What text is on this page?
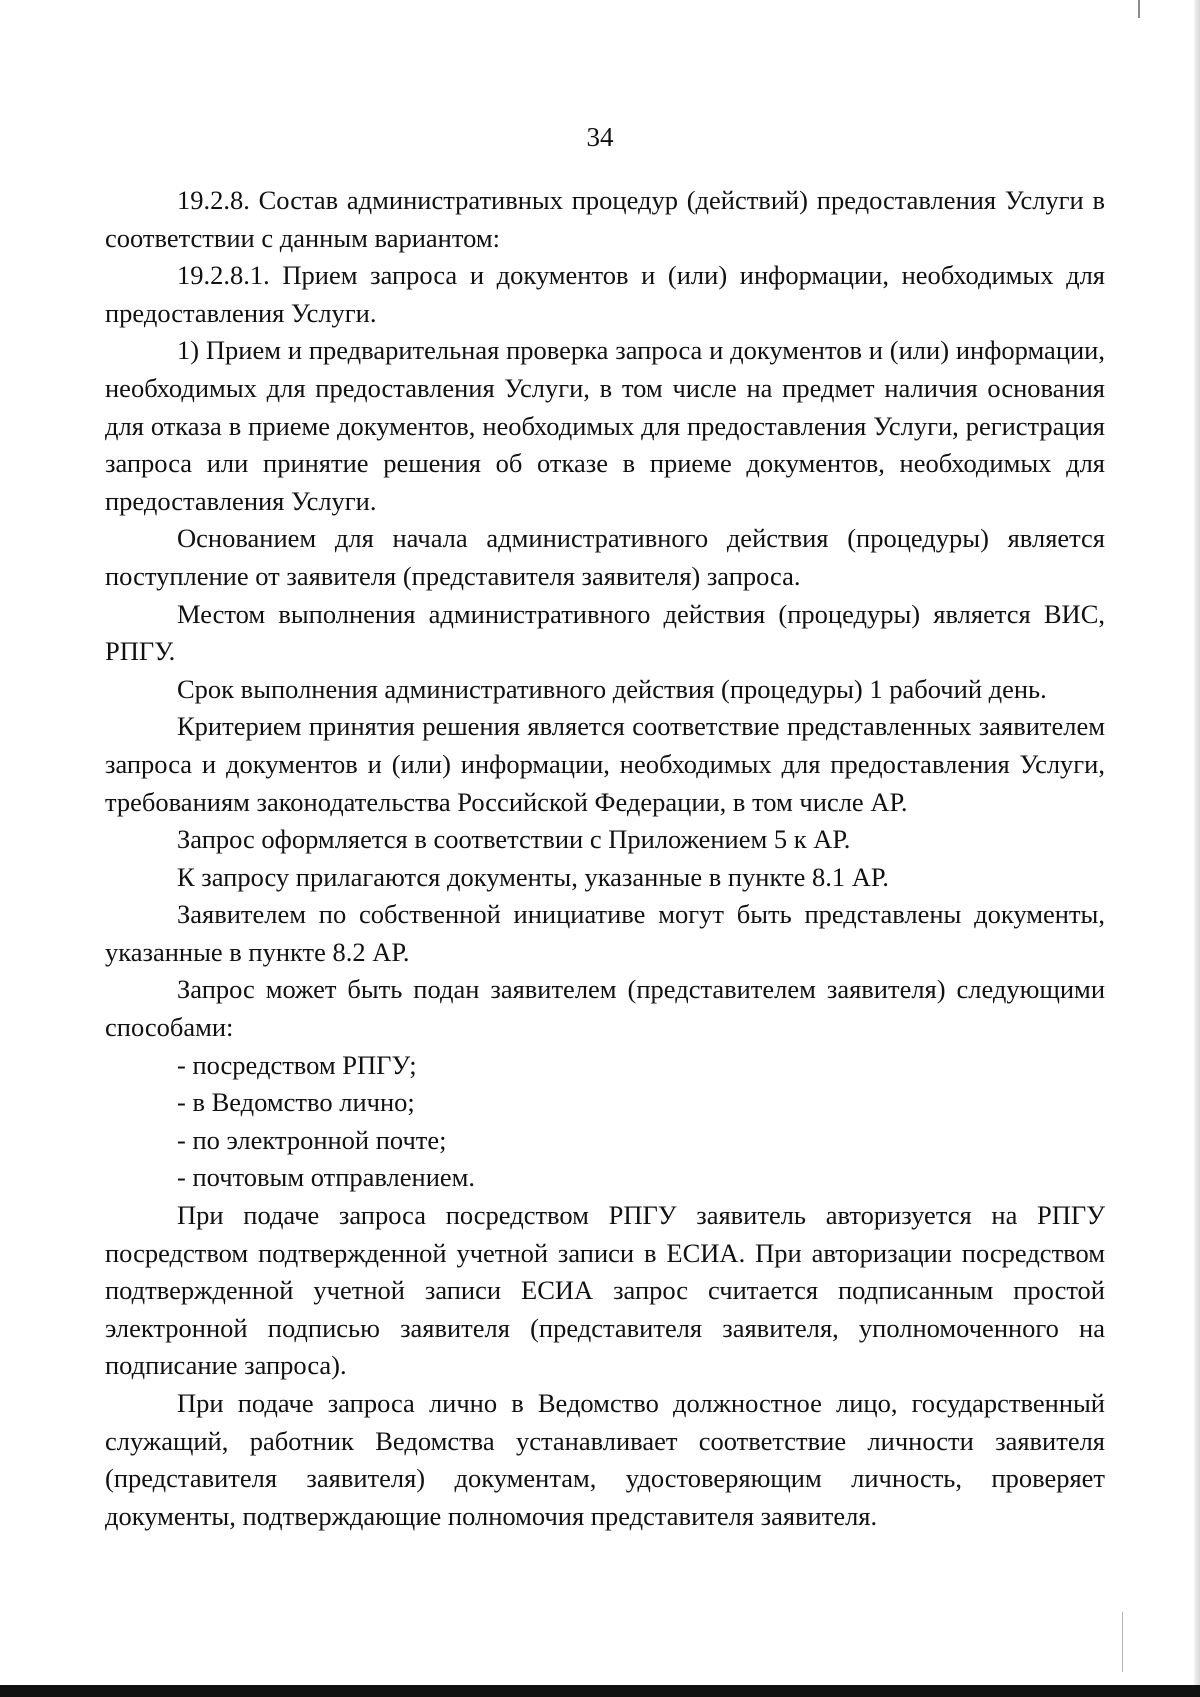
34

19.2.8. Состав административных процедур (действий) предоставления Услуги в соответствии с данным вариантом:

19.2.8.1. Прием запроса и документов и (или) информации, необходимых для предоставления Услуги.

1) Прием и предварительная проверка запроса и документов и (или) информации, необходимых для предоставления Услуги, в том числе на предмет наличия основания для отказа в приеме документов, необходимых для предоставления Услуги, регистрация запроса или принятие решения об отказе в приеме документов, необходимых для предоставления Услуги.

Основанием для начала административного действия (процедуры) является поступление от заявителя (представителя заявителя) запроса.

Местом выполнения административного действия (процедуры) является ВИС, РПГУ.

Срок выполнения административного действия (процедуры) 1 рабочий день.

Критерием принятия решения является соответствие представленных заявителем запроса и документов и (или) информации, необходимых для предоставления Услуги, требованиям законодательства Российской Федерации, в том числе АР.

Запрос оформляется в соответствии с Приложением 5 к АР.

К запросу прилагаются документы, указанные в пункте 8.1 АР.

Заявителем по собственной инициативе могут быть представлены документы, указанные в пункте 8.2 АР.

Запрос может быть подан заявителем (представителем заявителя) следующими способами:

- посредством РПГУ;

- в Ведомство лично;

- по электронной почте;

- почтовым отправлением.

При подаче запроса посредством РПГУ заявитель авторизуется на РПГУ посредством подтвержденной учетной записи в ЕСИА. При авторизации посредством подтвержденной учетной записи ЕСИА запрос считается подписанным простой электронной подписью заявителя (представителя заявителя, уполномоченного на подписание запроса).

При подаче запроса лично в Ведомство должностное лицо, государственный служащий, работник Ведомства устанавливает соответствие личности заявителя (представителя заявителя) документам, удостоверяющим личность, проверяет документы, подтверждающие полномочия представителя заявителя.
